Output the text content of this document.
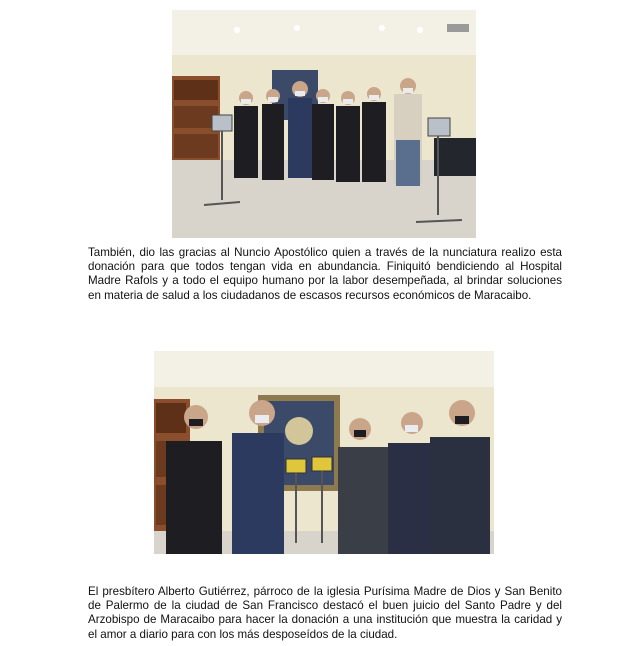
También, dio las gracias al Nuncio Apostólico quien a través de la nunciatura realizo esta donación para que todos tengan vida en abundancia. Finiquitó bendiciendo al Hospital Madre Rafols y a todo el equipo humano por la labor desempeñada, al brindar soluciones en materia de salud a los ciudadanos de escasos recursos económicos de Maracaibo.

El presbítero Alberto Gutiérrez, párroco de la iglesia Purísima Madre de Dios y San Benito de Palermo de la ciudad de San Francisco destacó el buen juicio del Santo Padre y del Arzobispo de Maracaibo para hacer la donación a una institución que muestra la caridad y el amor a diario para con los más desposeídos de la ciudad.
